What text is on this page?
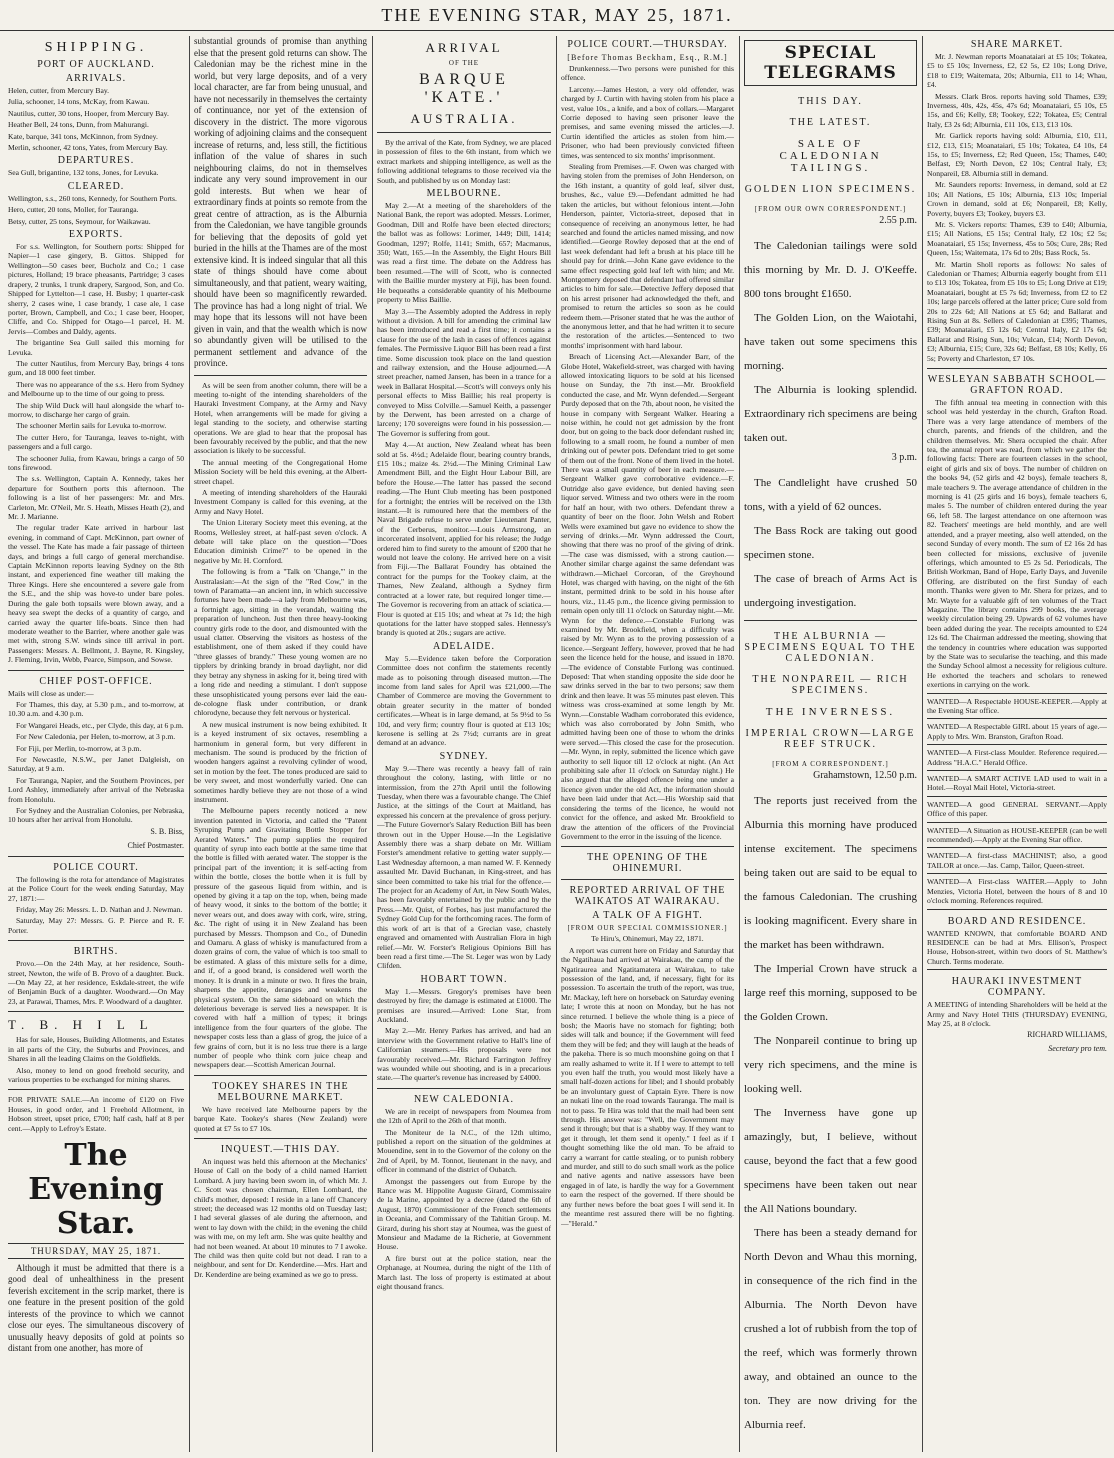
THE EVENING STAR, MAY 25, 1871.
SHIPPING.
PORT OF AUCKLAND.
ARRIVALS.

Helen, cutter, from Mercury Bay.

Julia, schooner, 14 tons, McKay, from Kawau.

Nautilus, cutter, 30 tons, Hooper, from Mercury Bay.

Heather Bell, 24 tons, Dunn, from Mahurangi.

Kate, barque, 341 tons, McKinnon, from Sydney.

Merlin, schooner, 42 tons, Yates, from Mercury Bay.

DEPARTURES.

Sea Gull, brigantine, 132 tons, Jones, for Levuka.

CLEARED.

Wellington, s.s., 260 tons, Kennedy, for Southern Ports.

Hero, cutter, 20 tons, Moller, for Tauranga.

Betsy, cutter, 25 tons, Seymour, for Waikawau.

EXPORTS.

For s.s. Wellington, for Southern ports: Shipped for Napier—1 case gingery, B. Gittos. Shipped for Wellington—50 cases beer, Bucholz and Co.; 1 case pictures, Holland; 19 brace pheasants, Partridge; 3 cases drapery, 2 trunks, 1 trunk drapery, Sargood, Son, and Co. Shipped for Lyttelton—1 case, H. Busby; 1 quarter-cask sherry, 2 cases wine, 1 case brandy, 1 case ale, 1 case porter, Brown, Campbell, and Co.; 1 case beer, Hooper, Cliffe, and Co. Shipped for Otago—1 parcel, H. M. Jervis—Combes and Daldy, agents.

The brigantine Sea Gull sailed this morning for Levuka.

The cutter Nautilus, from Mercury Bay, brings 4 tons gum, and 18 000 feet timber.

There was no appearance of the s.s. Hero from Sydney and Melbourne up to the time of our going to press.

The ship Wild Duck will haul alongside the wharf to-morrow, to discharge her cargo of grain.

The schooner Merlin sails for Levuka to-morrow.

The cutter Hero, for Tauranga, leaves to-night, with passengers and a full cargo.

The schooner Julia, from Kawau, brings a cargo of 50 tons firewood.

The s.s. Wellington, Captain A. Kennedy, takes her departure for Southern ports this afternoon. The following is a list of her passengers: Mr. and Mrs. Carleton, Mr. O'Neil, Mr. S. Heath, Misses Heath (2), and Mr. J. Marianne.

The regular trader Kate arrived in harbour last evening, in command of Capt. McKinnon, part owner of the vessel. The Kate has made a fair passage of thirteen days, and brings a full cargo of general merchandise. Captain McKinnon reports leaving Sydney on the 8th instant, and experienced fine weather till making the Three Kings. Here she encountered a severe gale from the S.E., and the ship was hove-to under bare poles. During the gale both topsails were blown away, and a heavy sea swept the decks of a quantity of cargo, and carried away the quarter life-boats. Since then had moderate weather to the Barrier, where another gale was met with, strong S.W. winds since till arrival in port. Passengers: Messrs. A. Bellmont, J. Bayne, R. Kingsley, J. Fleming, Irvin, Webb, Pearce, Simpson, and Sowse.

CHIEF POST-OFFICE.

Mails will close as under:—

For Thames, this day, at 5.30 p.m., and to-morrow, at 10.30 a.m. and 4.30 p.m.

For Wangarei Heads, etc., per Clyde, this day, at 6 p.m.

For New Caledonia, per Helen, to-morrow, at 3 p.m.

For Fiji, per Merlin, to-morrow, at 3 p.m.

For Newcastle, N.S.W., per Janet Dalgleish, on Saturday, at 9 a.m.

For Tauranga, Napier, and the Southern Provinces, per Lord Ashley, immediately after arrival of the Nebraska from Honolulu.

For Sydney and the Australian Colonies, per Nebraska, 10 hours after her arrival from Honolulu.

S. B. Biss,
Chief Postmaster.
POLICE COURT.

The following is the rota for attendance of Magistrates at the Police Court for the week ending Saturday, May 27, 1871:—

Friday, May 26: Messrs. L. D. Nathan and J. Newman.

Saturday, May 27: Messrs. G. P. Pierce and R. F. Porter.

BIRTHS.

Provo.—On the 24th May, at her residence, South-street, Newton, the wife of B. Provo of a daughter. Buck.—On May 22, at her residence, Eskdale-street, the wife of Benjamin Buck of a daughter. Woodward.—On May 23, at Parawai, Thames, Mrs. P. Woodward of a daughter.

T. B. H I L L

Has for sale, Houses, Building Allotments, and Estates in all parts of the City, the Suburbs and Provinces, and Shares in all the leading Claims on the Goldfields.

Also, money to lend on good freehold security, and various properties to be exchanged for mining shares.

FOR PRIVATE SALE.—An income of £120 on Five Houses, in good order, and 1 Freehold Allotment, in Hobson street, upset price, £700; half cash, half at 8 per cent.—Apply to Lefroy's Estate.

The Evening Star.
THURSDAY, MAY 25, 1871.

Although it must be admitted that there is a good deal of unhealthiness in the present feverish excitement in the scrip market, there is one feature in the present position of the gold interests of the province to which we cannot close our eyes. The simultaneous discovery of unusually heavy deposits of gold at points so distant from one another, has more of

substantial grounds of promise than anything else that the present gold returns can show. The Caledonian may be the richest mine in the world, but very large deposits, and of a very local character, are far from being unusual, and have not necessarily in themselves the certainty of continuance, nor yet of the extension of discovery in the district. The more vigorous working of adjoining claims and the consequent increase of returns, and, less still, the fictitious inflation of the value of shares in such neighbouring claims, do not in themselves indicate any very sound improvement in our gold interests. But when we hear of extraordinary finds at points so remote from the great centre of attraction, as is the Alburnia from the Caledonian, we have tangible grounds for believing that the deposits of gold yet buried in the hills at the Thames are of the most extensive kind. It is indeed singular that all this state of things should have come about simultaneously, and that patient, weary waiting, should have been so magnificently rewarded. The province has had a long night of trial. We may hope that its lessons will not have been given in vain, and that the wealth which is now so abundantly given will be utilised to the permanent settlement and advance of the province.

As will be seen from another column, there will be a meeting to-night of the intending shareholders of the Hauraki Investment Company, at the Army and Navy Hotel, when arrangements will be made for giving a legal standing to the society, and otherwise starting operations. We are glad to hear that the proposal has been favourably received by the public, and that the new association is likely to be successful.

The annual meeting of the Congregational Home Mission Society will be held this evening, at the Albert-street chapel.

A meeting of intending shareholders of the Hauraki Investment Company is called for this evening, at the Army and Navy Hotel.

The Union Literary Society meet this evening, at the Rooms, Wellesley street, at half-past seven o'clock. A debate will take place on the question—"Does Education diminish Crime?" to be opened in the negative by Mr. H. Cornford.

The following is from a "Talk on 'Change,'" in the Australasian:—At the sign of the "Red Cow," in the town of Paramatta—an ancient inn, in which successive fortunes have been made—a lady from Melbourne was, a fortnight ago, sitting in the verandah, waiting the preparation of luncheon. Just then three heavy-looking country girls rode to the door, and dismounted with the usual clatter. Observing the visitors as hostess of the establishment, one of them asked if they could have "three glasses of brandy." These young women are no tipplers by drinking brandy in broad daylight, nor did they betray any shyness in asking for it, being tired with a long ride and needing a stimulant. I don't suppose these unsophisticated young persons ever laid the eau-de-cologne flask under contribution, or drank chlorodyne, because they felt nervous or hysterical.

A new musical instrument is now being exhibited. It is a keyed instrument of six octaves, resembling a harmonium in general form, but very different in mechanism. The sound is produced by the friction of wooden hangers against a revolving cylinder of wood, set in motion by the feet. The tones produced are said to be very sweet, and most wonderfully varied. One can sometimes hardly believe they are not those of a wind instrument.

The Melbourne papers recently noticed a new invention patented in Victoria, and called the "Patent Syruping Pump and Gravitating Bottle Stopper for Aerated Waters." The pump supplies the required quantity of syrup into each bottle at the same time that the bottle is filled with aerated water. The stopper is the principal part of the invention; it is self-acting from within the bottle, closes the bottle when it is full by pressure of the gaseous liquid from within, and is opened by giving it a tap on the top, when, being made of heavy wood, it sinks to the bottom of the bottle; it never wears out, and does away with cork, wire, string, &c. The right of using it in New Zealand has been purchased by Messrs. Thompson and Co., of Dunedin and Oamaru. A glass of whisky is manufactured from a dozen grains of corn, the value of which is too small to be estimated. A glass of this mixture sells for a dime, and if, of a good brand, is considered well worth the money. It is drunk in a minute or two. It fires the brain, sharpens the appetite, deranges and weakens the physical system. On the same sideboard on which the deleterious beverage is served lies a newspaper. It is covered with half a million of types; it brings intelligence from the four quarters of the globe. The newspaper costs less than a glass of grog, the juice of a few grains of corn, but it is no less true there is a large number of people who think corn juice cheap and newspapers dear.—Scottish American Journal.

TOOKEY SHARES IN THE MELBOURNE MARKET.

We have received late Melbourne papers by the barque Kate. Tookey's shares (New Zealand) were quoted at £7 5s to £7 10s.

INQUEST.—THIS DAY.

An inquest was held this afternoon at the Mechanics' House of Call on the body of a child named Harriett Lombard. A jury having been sworn in, of which Mr. J. C. Scott was chosen chairman, Ellen Lombard, the child's mother, deposed: I reside in a lane off Chancery street; the deceased was 12 months old on Tuesday last; I had several glasses of ale during the afternoon, and went to lay down with the child; in the evening the child was with me, on my left arm. She was quite healthy and had not been weaned. At about 10 minutes to 7 I awoke. The child was then quite cold but not dead. I ran to a neighbour, and sent for Dr. Kenderdine.—Mrs. Hart and Dr. Kenderdine are being examined as we go to press.

ARRIVAL
OF THE
BARQUE 'KATE.'
AUSTRALIA.

By the arrival of the Kate, from Sydney, we are placed in possession of files to the 6th instant, from which we extract markets and shipping intelligence, as well as the following additional telegrams to those received via the South, and published by us on Monday last:

MELBOURNE.

May 2.—At a meeting of the shareholders of the National Bank, the report was adopted. Messrs. Lorimer, Goodman, Dill and Rolfe have been elected directors; the ballot was as follows: Lorimer, 1449; Dill, 1414; Goodman, 1297; Rolfe, 1141; Smith, 657; Macmanus, 350; Watt, 165.—In the Assembly, the Eight Hours Bill was read a first time. The debate on the Address has been resumed.—The will of Scott, who is connected with the Baillie murder mystery at Fiji, has been found. He bequeaths a considerable quantity of his Melbourne property to Miss Baillie.

May 3.—The Assembly adopted the Address in reply without a division. A bill for amending the criminal law has been introduced and read a first time; it contains a clause for the use of the lash in cases of offences against females. The Permissive Liquor Bill has been read a first time. Some discussion took place on the land question and railway extension, and the House adjourned.—A street preacher, named Jansen, has been in a trance for a week in Ballarat Hospital.—Scott's will conveys only his personal effects to Miss Baillie; his real property is conveyed to Miss Colville.—Samuel Keith, a passenger by the Derwent, has been arrested on a charge of larceny; 170 sovereigns were found in his possession.—The Governor is suffering from gout.

May 4.—At auction, New Zealand wheat has been sold at 5s. 4½d.; Adelaide flour, bearing country brands, £15 10s.; maize 4s. 2½d.—The Mining Criminal Law Amendment Bill, and the Eight Hour Labour Bill, are before the House.—The latter has passed the second reading.—The Hunt Club meeting has been postponed for a fortnight; the entries will be received on the 13th instant.—It is rumoured here that the members of the Naval Brigade refuse to serve under Lieutenant Panter, of the Cerberus, monitor.—Louis Armstrong, an incorcerated insolvent, applied for his release; the Judge ordered him to find surety to the amount of £200 that he would not leave the colony. He arrived here on a visit from Fiji.—The Ballarat Foundry has obtained the contract for the pumps for the Tookey claim, at the Thames, New Zealand, although a Sydney firm contracted at a lower rate, but required longer time.—The Governor is recovering from an attack of sciatica.—Flour is quoted at £15 10s; and wheat at 7s 1d; the high quotations for the latter have stopped sales. Hennessy's brandy is quoted at 20s.; sugars are active.

ADELAIDE.

May 5.—Evidence taken before the Corporation Committee does not confirm the statements recently made as to poisoning through diseased mutton.—The income from land sales for April was £21,000.—The Chamber of Commerce are moving the Government to obtain greater security in the matter of bonded certificates.—Wheat is in large demand, at 5s 9½d to 5s 10d, and very firm; country flour is quoted at £13 10s; kerosene is selling at 2s 7½d; currants are in great demand at an advance.

SYDNEY.

May 9.—There was recently a heavy fall of rain throughout the colony, lasting, with little or no intermission, from the 27th April until the following Tuesday, when there was a favourable change. The Chief Justice, at the sittings of the Court at Maitland, has expressed his concern at the prevalence of gross perjury.—The Future Governor's Salary Reduction Bill has been thrown out in the Upper House.—In the Legislative Assembly there was a sharp debate on Mr. William Forster's amendment relative to getting water supply.—Last Wednesday afternoon, a man named W. F. Kennedy assaulted Mr. David Buchanan, in King-street, and has since been committed to take his trial for the offence.—The project for an Academy of Art, in New South Wales, has been favorably entertained by the public and by the Press.—Mr. Quist, of Forbes, has just manufactured the Sydney Gold Cup for the forthcoming races. The form of this work of art is that of a Grecian vase, chastely engraved and ornamented with Australian Flora in high relief.—Mr. W. Forster's Religious Opinions Bill has been read a first time.—The St. Leger was won by Lady Clifden.

HOBART TOWN.

May 1.—Messrs. Gregory's premises have been destroyed by fire; the damage is estimated at £1000. The premises are insured.—Arrived: Lone Star, from Auckland.

May 2.—Mr. Henry Parkes has arrived, and had an interview with the Government relative to Hall's line of Californian steamers.—His proposals were not favourably received.—Mr. Richard Farrington Jeffrey was wounded while out shooting, and is in a precarious state.—The quarter's revenue has increased by £4000.

NEW CALEDONIA.

We are in receipt of newspapers from Noumea from the 12th of April to the 26th of that month.

The Moniteur de la N.C., of the 12th ultimo, published a report on the situation of the goldmines at Mouendine, sent in to the Governor of the colony on the 2nd of April, by M. Tonnot, lieutenant in the navy, and officer in command of the district of Oubatch.

Amongst the passengers out from Europe by the Rance was M. Hippolite Auguste Girard, Commissaire de la Marine, appointed by a decree (dated the 6th of August, 1870) Commissioner of the French settlements in Oceania, and Commissary of the Tahitian Group. M. Girard, during his short stay at Noumea, was the guest of Monsieur and Madame de la Richerie, at Government House.

A fire burst out at the police station, near the Orphanage, at Noumea, during the night of the 11th of March last. The loss of property is estimated at about eight thousand francs.

POLICE COURT.—THURSDAY.
[Before Thomas Beckham, Esq., R.M.]

Drunkenness.—Two persons were punished for this offence.

Larceny.—James Heston, a very old offender, was charged by J. Curtin with having stolen from his place a vest, value 10s., a knife, and a box of collars.—Margaret Corrie deposed to having seen prisoner leave the premises, and same evening missed the articles.—J. Curtin identified the articles as stolen from him.—Prisoner, who had been previously convicted fifteen times, was sentenced to six months' imprisonment.

Stealing from Premises.—F. Owen was charged with having stolen from the premises of John Henderson, on the 16th instant, a quantity of gold leaf, silver dust, brushes, &c., value £9.—Defendant admitted he had taken the articles, but without felonious intent.—John Henderson, painter, Victoria-street, deposed that in consequence of receiving an anonymous letter, he had searched and found the articles named missing, and now identified.—George Rowley deposed that at the end of last week defendant had left a brush at his place till he should pay for drink.—John Kane gave evidence to the same effect respecting gold leaf left with him; and Mr. Montgomery deposed that defendant had offered similar articles to him for sale.—Detective Jeffery deposed that on his arrest prisoner had acknowledged the theft, and promised to return the articles so soon as he could redeem them.—Prisoner stated that he was the author of the anonymous letter, and that he had written it to secure the restoration of the articles.—Sentenced to two months' imprisonment with hard labour.

Breach of Licensing Act.—Alexander Barr, of the Globe Hotel, Wakefield-street, was charged with having allowed intoxicating liquors to be sold at his licensed house on Sunday, the 7th inst.—Mr. Brookfield conducted the case, and Mr. Wynn defended.—Sergeant Purdy deposed that on the 7th, about noon, he visited the house in company with Sergeant Walker. Hearing a noise within, he could not get admission by the front door, but on going to the back door defendant rushed in; following to a small room, he found a number of men drinking out of pewter pots. Defendant tried to get some of them out of the front. None of them lived in the hotel. There was a small quantity of beer in each measure.—Sergeant Walker gave corroborative evidence.—F. Outridge also gave evidence, but denied having seen liquor served. Witness and two others were in the room for half an hour, with two others. Defendant threw a quantity of beer on the floor. John Welsh and Robert Wells were examined but gave no evidence to show the serving of drinks.—Mr. Wynn addressed the Court, showing that there was no proof of the giving of drink.—The case was dismissed, with a strong caution.—Another similar charge against the same defendant was withdrawn.—Michael Corcoran, of the Greyhound Hotel, was charged with having, on the night of the 6th instant, permitted drink to be sold in his house after hours, viz., 11.45 p.m., the licence giving permission to remain open only till 11 o'clock on Saturday night.—Mr. Wynn for the defence.—Constable Furlong was examined by Mr. Brookfield, when a difficulty was raised by Mr. Wynn as to the proving possession of a licence.—Sergeant Jeffery, however, proved that he had seen the licence held for the house, and issued in 1870.—The evidence of Constable Furlong was continued. Deposed: That when standing opposite the side door he saw drinks served in the bar to two persons; saw them drink and then leave. It was 55 minutes past eleven. This witness was cross-examined at some length by Mr. Wynn.—Constable Wadham corroborated this evidence, which was also corroborated by John Smith, who admitted having been one of those to whom the drinks were served.—This closed the case for the prosecution.—Mr. Wynn, in reply, submitted the licence which gave authority to sell liquor till 12 o'clock at night. (An Act prohibiting sale after 11 o'clock on Saturday night.) He also argued that the alleged offence being one under a licence given under the old Act, the information should have been laid under that Act.—His Worship said that considering the terms of the licence, he would not convict for the offence, and asked Mr. Brookfield to draw the attention of the officers of the Provincial Government to the error in the issuing of the licence.

THE OPENING OF THE OHINEMURI.
REPORTED ARRIVAL OF THE WAIKATOS AT WAIRAKAU.
A TALK OF A FIGHT.
[FROM OUR SPECIAL COMMISSIONER.]

Te Hiru's, Ohinemuri, May 22, 1871.

A report was current here on Friday and Saturday that the Ngatihaua had arrived at Wairakau, the camp of the Ngatiraurea and Ngatitamatera at Wairakau, to take possession of the land, and, if necessary, fight for its possession. To ascertain the truth of the report, was true, Mr. Mackay, left here on horseback on Saturday evening late; I wrote this at noon on Monday, but he has not since returned. I believe the whole thing is a piece of bosh; the Maoris have no stomach for fighting; both sides will talk and bounce; if the Government will feed them they will be fed; and they will laugh at the heads of the pakeha. There is so much moonshine going on that I am really ashamed to write it. If I were to attempt to tell you even half the truth, you would most likely have a small half-dozen actions for libel; and I should probably be an involuntary guest of Captain Eyre. There is now an nukati line on the road towards Tauranga. The mail is not to pass. Te Hira was told that the mail had been sent through. His answer was: "Well, the Government may send it through; but that is a shabby way. If they want to get it through, let them send it openly." I feel as if I thought something like the old man. To be afraid to carry a warrant for cattle stealing, or to punish robbery and murder, and still to do such small work as the police and native agents and native assessors have been engaged in of late, is hardly the way for a Government to earn the respect of the governed. If there should be any further news before the boat goes I will send it. In the meantime rest assured there will be no fighting.—"Herald."

SPECIAL TELEGRAMS
THIS DAY.
THE LATEST.
SALE OF CALEDONIAN TAILINGS.
GOLDEN LION SPECIMENS.
[FROM OUR OWN CORRESPONDENT.]
2.55 p.m.

The Caledonian tailings were sold this morning by Mr. D. J. O'Keeffe. 800 tons brought £1650.

The Golden Lion, on the Waiotahi, have taken out some specimens this morning.

The Alburnia is looking splendid. Extraordinary rich specimens are being taken out.

3 p.m.

The Candlelight have crushed 50 tons, with a yield of 62 ounces.

The Bass Rock are taking out good specimen stone.

The case of breach of Arms Act is undergoing investigation.

THE ALBURNIA — SPECIMENS EQUAL TO THE CALEDONIAN.
THE NONPAREIL — RICH SPECIMENS.
THE INVERNESS.
IMPERIAL CROWN—LARGE REEF STRUCK.
[FROM A CORRESPONDENT.]
Grahamstown, 12.50 p.m.

The reports just received from the Alburnia this morning have produced intense excitement. The specimens being taken out are said to be equal to the famous Caledonian. The crushing is looking magnificent. Every share in the market has been withdrawn.

The Imperial Crown have struck a large reef this morning, supposed to be the Golden Crown.

The Nonpareil continue to bring up very rich specimens, and the mine is looking well.

The Inverness have gone up amazingly, but, I believe, without cause, beyond the fact that a few good specimens have been taken out near the All Nations boundary.

There has been a steady demand for North Devon and Whau this morning, in consequence of the rich find in the Alburnia. The North Devon have crushed a lot of rubbish from the top of the reef, which was formerly thrown away, and obtained an ounce to the ton. They are now driving for the Alburnia reef.

SHARE MARKET.

Mr. J. Newman reports Moanataiari at £5 10s; Tokatea, £5 to £5 10s; Inverness, £2, £2 5s, £2 10s; Long Drive, £18 to £19; Waitemata, 20s; Alburnia, £11 to 14; Whau, £4.

Messrs. Clark Bros. reports having sold Thames, £39; Inverness, 40s, 42s, 45s, 47s 6d; Moanataiari, £5 10s, £5 15s, and £6; Kelly, £8; Tookey, £22; Tokatea, £5; Central Italy, £3 2s 6d; Alburnia, £11 10s, £13, £13 10s.

Mr. Garlick reports having sold: Alburnia, £10, £11, £12, £13, £15; Moanataiari, £5 10s; Tokatea, £4 10s, £4 15s, to £5; Inverness, £2; Red Queen, 15s; Thames, £40; Belfast, £9; North Devon, £2 10s; Central Italy, £3; Nonpareil, £8. Alburnia still in demand.

Mr. Saunders reports: Inverness, in demand, sold at £2 10s; All Nations, £5 10s; Alburnia, £13 10s; Imperial Crown in demand, sold at £6; Nonpareil, £8; Kelly, Poverty, buyers £3; Tookey, buyers £3.

Mr. S. Vickers reports: Thames, £39 to £40; Alburnia, £15; All Nations, £5 15s; Central Italy, £2 10s; £2 5s; Moanataiari, £5 15s; Inverness, 45s to 50s; Cure, 28s; Red Queen, 15s; Waitemata, 17s 6d to 20s; Bass Rock, 5s.

Mr. Martin Sholl reports as follows: No sales of Caledonian or Thames; Alburnia eagerly bought from £11 to £13 10s; Tokatea, from £5 10s to £5; Long Drive at £19; Moanataiari, bought at £5 7s 6d; Inverness, from £2 to £2 10s; large parcels offered at the latter price; Cure sold from 20s to 22s 6d; All Nations at £5 6d; and Ballarat and Rising Sun at 8s. Sellers of Caledonian at £395; Thames, £39; Moanataiari, £5 12s 6d; Central Italy, £2 17s 6d; Ballarat and Rising Sun, 10s; Vulcan, £14; North Devon, £3; Alburnia, £15; Cure, 32s 6d; Belfast, £8 10s; Kelly, £6 5s; Poverty and Charleston, £7 10s.

WESLEYAN SABBATH SCHOOL—GRAFTON ROAD.

The fifth annual tea meeting in connection with this school was held yesterday in the church, Grafton Road. There was a very large attendance of members of the church, parents, and friends of the children, and the children themselves. Mr. Shera occupied the chair. After tea, the annual report was read, from which we gather the following facts: There are fourteen classes in the school, eight of girls and six of boys. The number of children on the books 94, (52 girls and 42 boys), female teachers 8, male teachers 9. The average attendance of children in the morning is 41 (25 girls and 16 boys), female teachers 6, males 5. The number of children entered during the year 66, left 58. The largest attendance on one afternoon was 82. Teachers' meetings are held monthly, and are well attended, and a prayer meeting, also well attended, on the second Sunday of every month. The sum of £2 16s 2d has been collected for missions, exclusive of juvenile offerings, which amounted to £5 2s 5d. Periodicals, The British Workman, Band of Hope, Early Days, and Juvenile Offering, are distributed on the first Sunday of each month. Thanks were given to Mr. Shera for prizes, and to Mr. Wayte for a valuable gift of ten volumes of the Tract Magazine. The library contains 299 books, the average weekly circulation being 29. Upwards of 62 volumes have been added during the year. The receipts amounted to £24 12s 6d. The Chairman addressed the meeting, showing that the tendency in countries where education was supported by the State was to secularise the teaching, and this made the Sunday School almost a necessity for religious culture. He exhorted the teachers and scholars to renewed exertions in carrying on the work.

WANTED—A Respectable HOUSE-KEEPER.—Apply at the Evening Star office.

WANTED—A Respectable GIRL about 15 years of age.—Apply to Mrs. Wm. Branston, Grafton Road.

WANTED—A First-class Moulder. Reference required.—Address "H.A.C." Herald Office.

WANTED—A SMART ACTIVE LAD used to wait in a Hotel.—Royal Mail Hotel, Victoria-street.

WANTED—A good GENERAL SERVANT.—Apply Office of this paper.

WANTED—A Situation as HOUSE-KEEPER (can be well recommended).—Apply at the Evening Star office.

WANTED—A first-class MACHINIST; also, a good TAILOR at once.—Jas. Camp, Tailor, Queen-street.

WANTED—A First-class WAITER.—Apply to John Menzies, Victoria Hotel, between the hours of 8 and 10 o'clock morning. References required.

BOARD AND RESIDENCE.

WANTED KNOWN, that comfortable BOARD AND RESIDENCE can be had at Mrs. Ellison's, Prospect House, Hobson-street, within two doors of St. Matthew's Church. Terms moderate.

HAURAKI INVESTMENT COMPANY.

A MEETING of intending Shareholders will be held at the Army and Navy Hotel THIS (THURSDAY) EVENING, May 25, at 8 o'clock.

RICHARD WILLIAMS,
Secretary pro tem.
